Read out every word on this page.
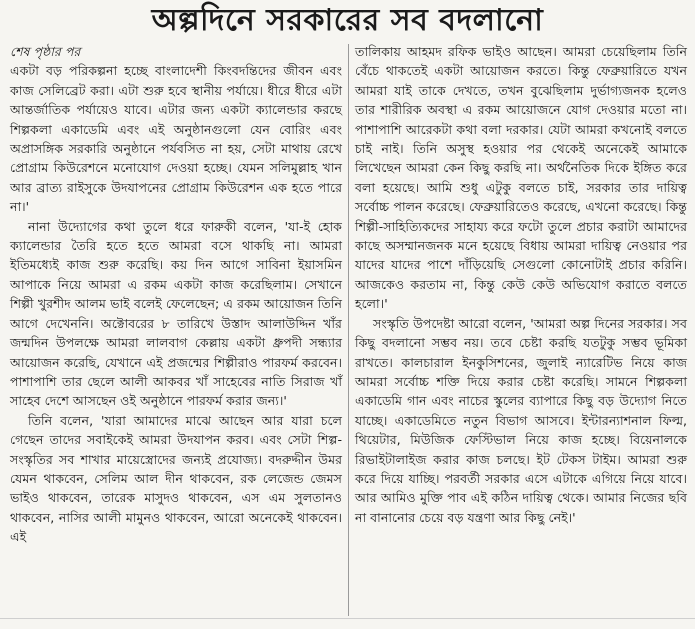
অল্পদিনে সরকারের সব বদলানো

শেষ পৃষ্ঠার পর

একটা বড় পরিকল্পনা হচ্ছে বাংলাদেশী কিংবদন্তিদের জীবন এবং কাজ সেলিব্রেট করা। এটা শুরু হবে স্থানীয় পর্যায়ে। ধীরে ধীরে এটা আন্তর্জাতিক পর্যায়েও যাবে। এটার জন্য একটা ক্যালেন্ডার করছে শিল্পকলা একাডেমি এবং এই অনুষ্ঠানগুলো যেন বোরিং এবং অপ্রাসঙ্গিক সরকারি অনুষ্ঠানে পর্যবসিত না হয়, সেটা মাথায় রেখে প্রোগ্রাম কিউরেশনে মনোযোগ দেওয়া হচ্ছে। যেমন সলিমুল্লাহ খান আর ব্রাত্য রাইসুকে উদযাপনের প্রোগ্রাম কিউরেশন এক হতে পারে না।'

নানা উদ্যোগের কথা তুলে ধরে ফারুকী বলেন, 'যা-ই হোক ক্যালেন্ডার তৈরি হতে হতে আমরা বসে থাকছি না। আমরা ইতিমধ্যেই কাজ শুরু করেছি। কয় দিন আগে সাবিনা ইয়াসমিন আপাকে নিয়ে আমরা এ রকম একটা কাজ করেছিলাম। সেখানে শিল্পী খুরশীদ আলম ভাই বলেই ফেলেছেন; এ রকম আয়োজন তিনি আগে দেখেননি। অক্টোবরের ৮ তারিখে উস্তাদ আলাউদ্দিন খাঁর জন্মদিন উপলক্ষে আমরা লালবাগ কেল্লায় একটা ধ্রুপদী সন্ধ্যার আয়োজন করেছি, যেখানে এই প্রজন্মের শিল্পীরাও পারফর্ম করবেন। পাশাপাশি তার ছেলে আলী আকবর খাঁ সাহেবের নাতি সিরাজ খাঁ সাহেব দেশে আসছেন ওই অনুষ্ঠানে পারফর্ম করার জন্য।'

তিনি বলেন, 'যারা আমাদের মাঝে আছেন আর যারা চলে গেছেন তাদের সবাইকেই আমরা উদযাপন করব। এবং সেটা শিল্প-সংস্কৃতির সব শাখার মায়েস্ত্রোদের জন্যই প্রযোজ্য। বদরুদ্দীন উমর যেমন থাকবেন, সেলিম আল দীন থাকবেন, রক লেজেন্ড জেমস ভাইও থাকবেন, তারেক মাসুদও থাকবেন, এস এম সুলতানও থাকবেন, নাসির আলী মামুনও থাকবেন, আরো অনেকেই থাকবেন। এই

তালিকায় আহমদ রফিক ভাইও আছেন। আমরা চেয়েছিলাম তিনি বেঁচে থাকতেই একটা আয়োজন করতে। কিন্তু ফেব্রুয়ারিতে যখন আমরা যাই তাকে দেখতে, তখন বুঝেছিলাম দুর্ভাগ্যজনক হলেও তার শারীরিক অবস্থা এ রকম আয়োজনে যোগ দেওয়ার মতো না। পাশাপাশি আরেকটা কথা বলা দরকার। যেটা আমরা কখনোই বলতে চাই নাই। তিনি অসুস্থ হওয়ার পর থেকেই অনেকেই আমাকে লিখেছেন আমরা কেন কিছু করছি না। অর্থনৈতিক দিকে ইঙ্গিত করে বলা হয়েছে। আমি শুধু এটুকু বলতে চাই, সরকার তার দায়িত্ব সর্বোচ্চ পালন করেছে। ফেব্রুয়ারিতেও করেছে, এখনো করেছে। কিন্তু শিল্পী-সাহিত্যিকদের সাহায্য করে ফটো তুলে প্রচার করাটা আমাদের কাছে অসম্মানজনক মনে হয়েছে বিধায় আমরা দায়িত্ব নেওয়ার পর যাদের যাদের পাশে দাঁড়িয়েছি সেগুলো কোনোটাই প্রচার করিনি। আজকেও করতাম না, কিন্তু কেউ কেউ অভিযোগ করাতে বলতে হলো।'

সংস্কৃতি উপদেষ্টা আরো বলেন, 'আমরা অল্প দিনের সরকার। সব কিছু বদলানো সম্ভব নয়। তবে চেষ্টা করছি যতটুকু সম্ভব ভূমিকা রাখতে। কালচারাল ইনকুসিশনের, জুলাই ন্যারেটিভ নিয়ে কাজ আমরা সর্বোচ্চ শক্তি দিয়ে করার চেষ্টা করেছি। সামনে শিল্পকলা একাডেমি গান এবং নাচের স্কুলের ব্যাপারে কিছু বড় উদ্যোগ নিতে যাচ্ছে। একাডেমিতে নতুন বিভাগ আসবে। ইন্টারন্যাশনাল ফিল্ম, থিয়েটার, মিউজিক ফেস্টিভাল নিয়ে কাজ হচ্ছে। বিয়েনালকে রিভাইটালাইজ করার কাজ চলছে। ইট টেকস টাইম। আমরা শুরু করে দিয়ে যাচ্ছি। পরবর্তী সরকার এসে এটাকে এগিয়ে নিয়ে যাবে। আর আমিও মুক্তি পাব এই কঠিন দায়িত্ব থেকে। আমার নিজের ছবি না বানানোর চেয়ে বড় যন্ত্রণা আর কিছু নেই।'
